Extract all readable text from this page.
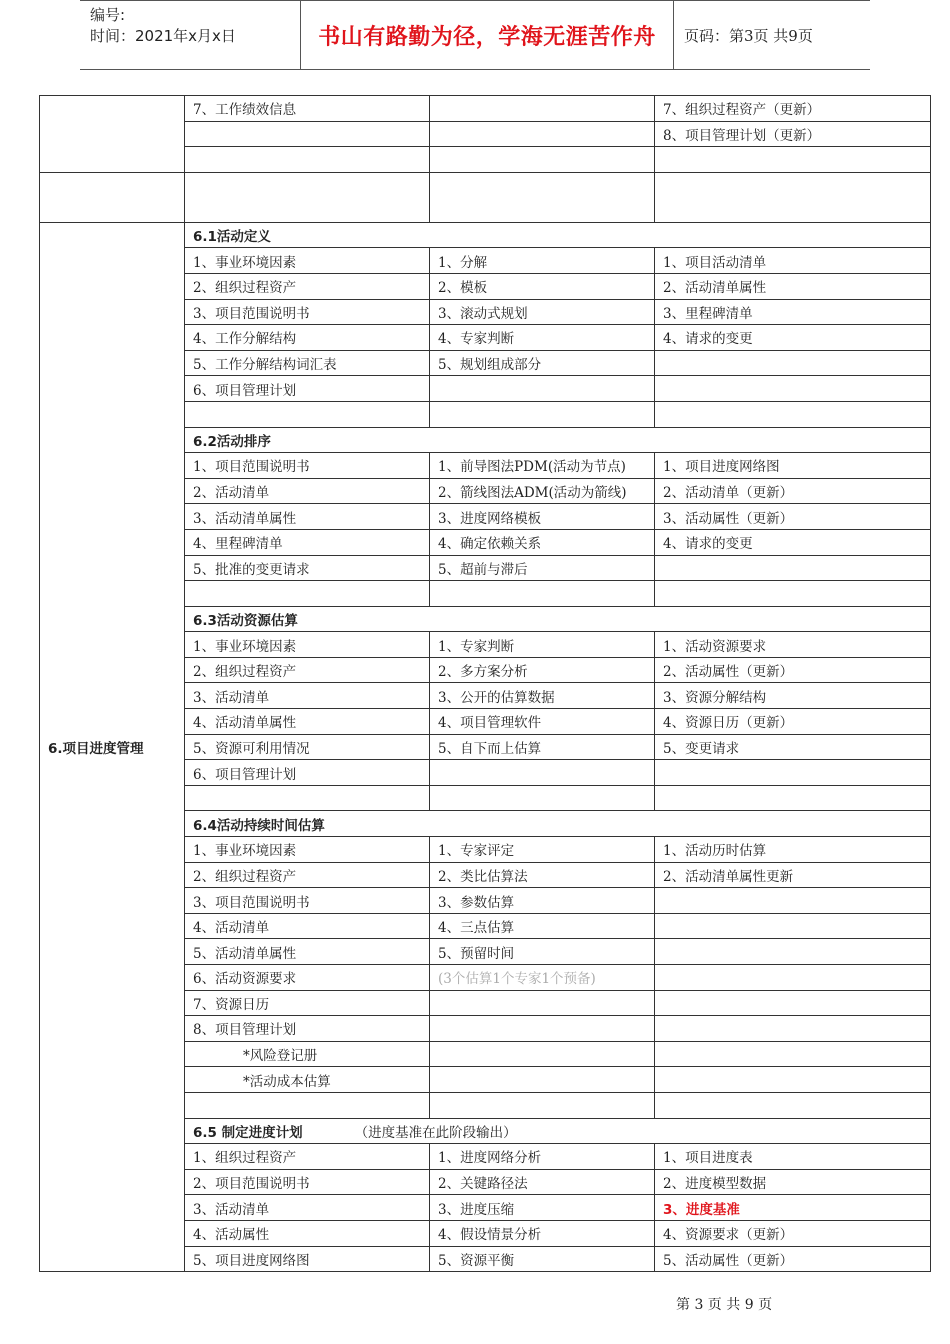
编号:
时间：2021年x月x日	书山有路勤为径，学海无涯苦作舟	页码：第3页 共9页
	7、工作绩效信息		7、组织过程资产（更新）
			8、项目管理计划（更新）

6.项目进度管理	6.1活动定义		
	1、事业环境因素	1、分解	1、项目活动清单
	2、组织过程资产	2、模板	2、活动清单属性
	3、项目范围说明书	3、滚动式规划	3、里程碑清单
	4、工作分解结构	4、专家判断	4、请求的变更
	5、工作分解结构词汇表	5、规划组成部分	
	6、项目管理计划		

	6.2活动排序		
	1、项目范围说明书	1、前导图法PDM(活动为节点)	1、项目进度网络图
	2、活动清单	2、箭线图法ADM(活动为箭线)	2、活动清单（更新）
	3、活动清单属性	3、进度网络模板	3、活动属性（更新）
	4、里程碑清单	4、确定依赖关系	4、请求的变更
	5、批准的变更请求	5、超前与滞后	

	6.3活动资源估算		
	1、事业环境因素	1、专家判断	1、活动资源要求
	2、组织过程资产	2、多方案分析	2、活动属性（更新）
	3、活动清单	3、公开的估算数据	3、资源分解结构
	4、活动清单属性	4、项目管理软件	4、资源日历（更新）
	5、资源可利用情况	5、自下而上估算	5、变更请求
	6、项目管理计划		

	6.4活动持续时间估算		
	1、事业环境因素	1、专家评定	1、活动历时估算
	2、组织过程资产	2、类比估算法	2、活动清单属性更新
	3、项目范围说明书	3、参数估算	
	4、活动清单	4、三点估算	
	5、活动清单属性	5、预留时间	
	6、活动资源要求	(3个估算1个专家1个预备)	
	7、资源日历		
	8、项目管理计划		
	*风险登记册		
	*活动成本估算		

	6.5 制定进度计划 （进度基准在此阶段输出）		
	1、组织过程资产	1、进度网络分析	1、项目进度表
	2、项目范围说明书	2、关键路径法	2、进度模型数据
	3、活动清单	3、进度压缩	3、进度基准
	4、活动属性	4、假设情景分析	4、资源要求（更新）
	5、项目进度网络图	5、资源平衡	5、活动属性（更新）
第 3 页 共 9 页
